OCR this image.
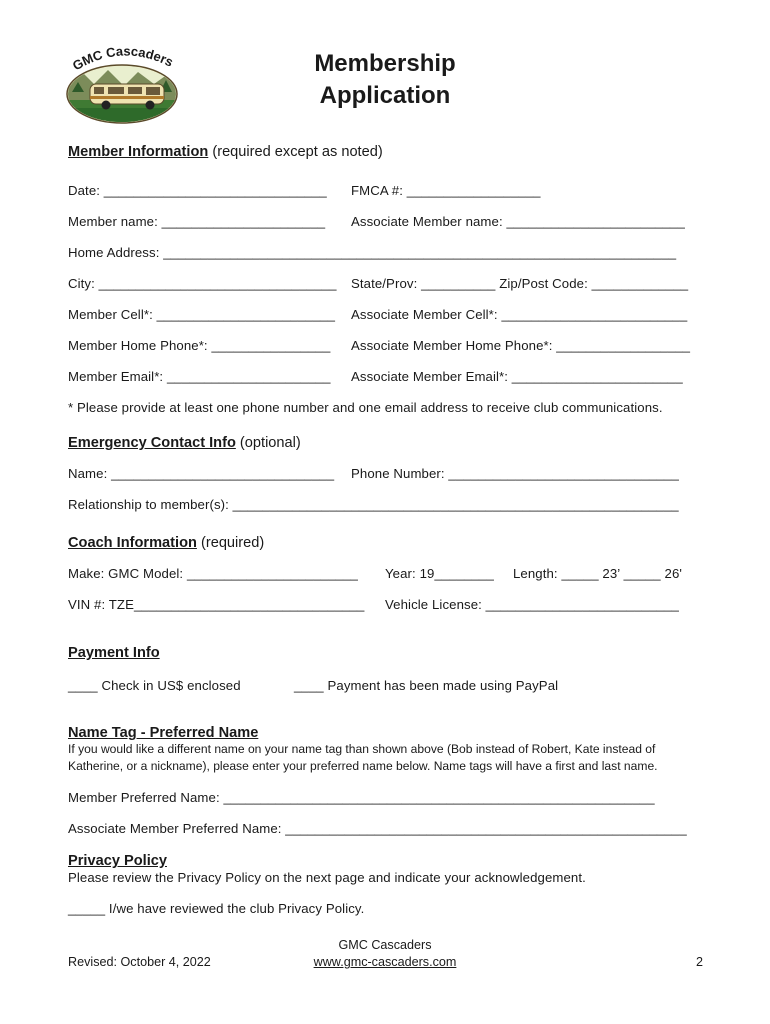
GMC Cascaders	Membership Application
Member Information (required except as noted)
Date: ______________________________ FMCA #: __________________
Member name: ______________________ Associate Member name: ________________________
Home Address: _____________________________________________________________________
City: ________________________________ State/Prov: __________ Zip/Post Code: _____________
Member Cell*: ________________________ Associate Member Cell*: _________________________
Member Home Phone*: ________________ Associate Member Home Phone*: __________________
Member Email*: ______________________ Associate Member Email*: _______________________
* Please provide at least one phone number and one email address to receive club communications.
Emergency Contact Info (optional)
Name: ______________________________ Phone Number: _______________________________
Relationship to member(s): ____________________________________________________________
Coach Information (required)
Make: GMC Model: _______________________ Year: 19________ Length: _____ 23’ _____ 26'
VIN #: TZE_______________________________ Vehicle License: __________________________
Payment Info
____ Check in US$ enclosed	____ Payment has been made using PayPal
Name Tag - Preferred Name
If you would like a different name on your name tag than shown above (Bob instead of Robert, Kate instead of Katherine, or a nickname), please enter your preferred name below. Name tags will have a first and last name.
Member Preferred Name: __________________________________________________________
Associate Member Preferred Name: ______________________________________________________
Privacy Policy
Please review the Privacy Policy on the next page and indicate your acknowledgement.
_____ I/we have reviewed the club Privacy Policy.
Revised: October 4, 2022
GMC Cascaders
www.gmc-cascaders.com	2
